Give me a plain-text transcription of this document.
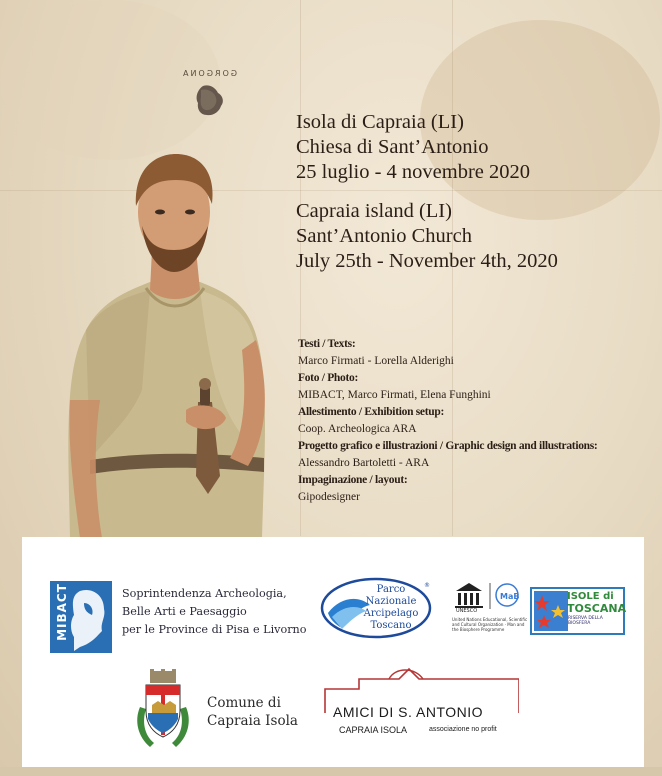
GORGONA
Isola di Capraia (LI)
Chiesa di Sant’Antonio
25 luglio - 4 novembre 2020
Capraia island (LI)
Sant’Antonio Church
July 25th - November 4th, 2020
Testi / Texts:
Marco Firmati - Lorella Alderighi
Foto / Photo:
MIBACT, Marco Firmati, Elena Funghini
Allestimento / Exhibition setup:
Coop. Archeologica ARA
Progetto grafico e illustrazioni / Graphic design and illustrations:
Alessandro Bartoletti - ARA
Impaginazione / layout:
Gipodesigner
MIBACT	Soprintendenza Archeologia,
Belle Arti e Paesaggio
per le Province di Pisa e Livorno
®
Parco
Nazionale
Arcipelago
Toscano
UNESCO
MaB
United Nations Educational, Scientific and Cultural Organization · Man and the Biosphere Programme
ISOLE di
TOSCANA
RISERVA DELLA BIOSFERA
Comune di
Capraia Isola
AMICI DI S. ANTONIO
CAPRAIA ISOLA	associazione no profit
